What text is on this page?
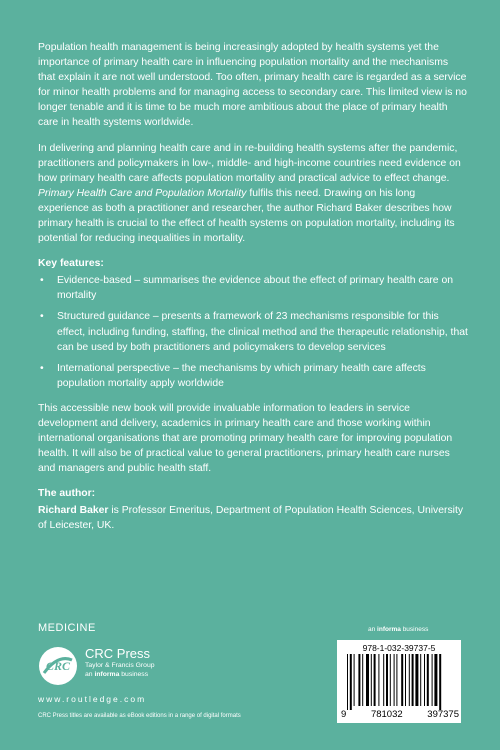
Population health management is being increasingly adopted by health systems yet the importance of primary health care in influencing population mortality and the mechanisms that explain it are not well understood. Too often, primary health care is regarded as a service for minor health problems and for managing access to secondary care. This limited view is no longer tenable and it is time to be much more ambitious about the place of primary health care in health systems worldwide.

In delivering and planning health care and in re-building health systems after the pandemic, practitioners and policymakers in low-, middle- and high-income countries need evidence on how primary health care affects population mortality and practical advice to effect change. Primary Health Care and Population Mortality fulfils this need. Drawing on his long experience as both a practitioner and researcher, the author Richard Baker describes how primary health is crucial to the effect of health systems on population mortality, including its potential for reducing inequalities in mortality.

Key features:
• Evidence-based – summarises the evidence about the effect of primary health care on mortality
• Structured guidance – presents a framework of 23 mechanisms responsible for this effect, including funding, staffing, the clinical method and the therapeutic relationship, that can be used by both practitioners and policymakers to develop services
• International perspective – the mechanisms by which primary health care affects population mortality apply worldwide

This accessible new book will provide invaluable information to leaders in service development and delivery, academics in primary health care and those working within international organisations that are promoting primary health care for improving population health. It will also be of practical value to general practitioners, primary health care nurses and managers and public health staff.

The author:

Richard Baker is Professor Emeritus, Department of Population Health Sciences, University of Leicester, UK.

MEDICINE	an informa business
CRC
CRC Press
Taylor & Francis Group
an informa business
www.routledge.com
CRC Press titles are available as eBook editions in a range of digital formats
978-1-032-39737-5
9	781032	397375
